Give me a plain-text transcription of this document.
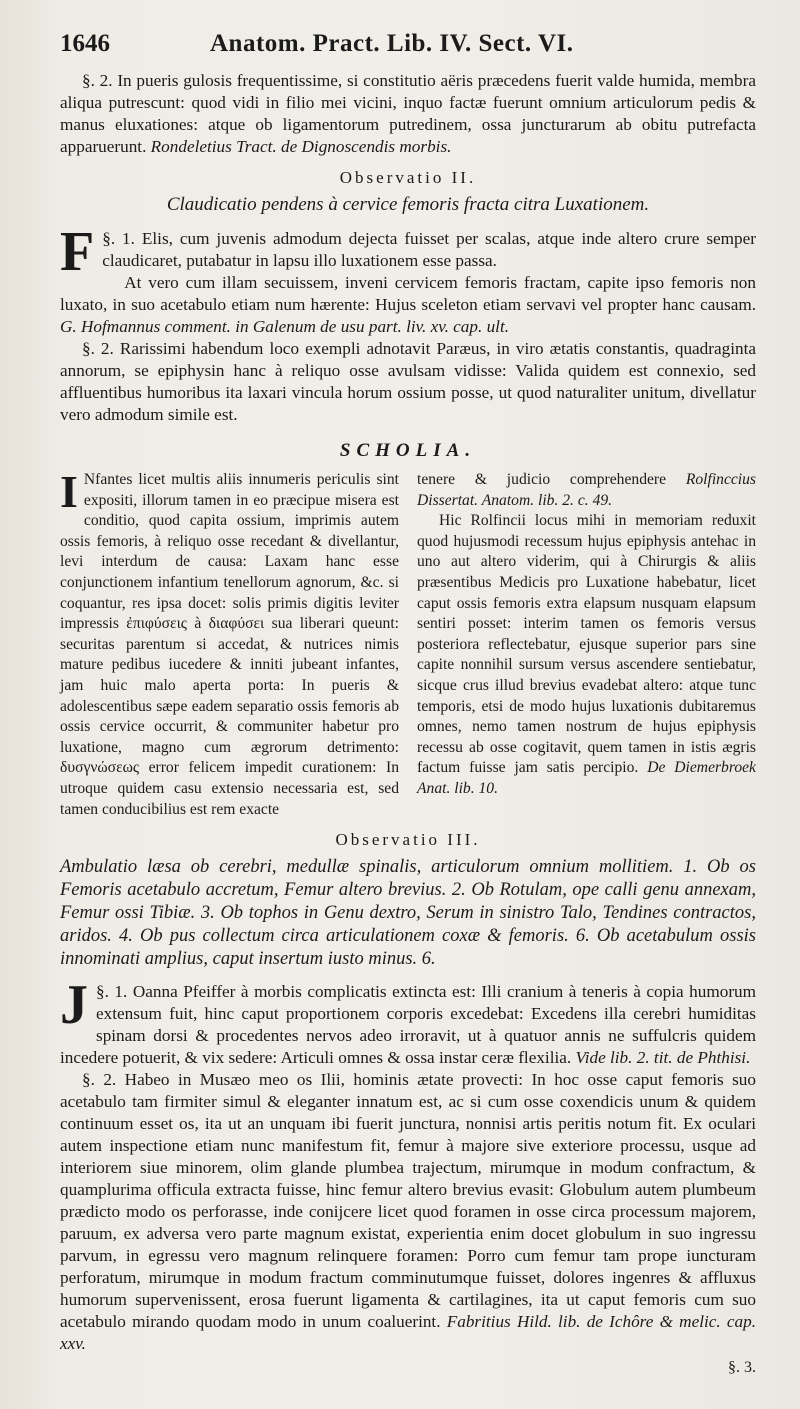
1646	Anatom. Pract. Lib. IV. Sect. VI.

§. 2. In pueris gulosis frequentissime, si constitutio aëris præcedens fuerit valde humida, membra aliqua putrescunt: quod vidi in filio mei vicini, inquo factæ fuerunt omnium articulorum pedis & manus eluxationes: atque ob ligamentorum putredinem, ossa juncturarum ab obitu putrefacta apparuerunt. Rondeletius Tract. de Dignoscendis morbis.

Observatio II.
Claudicatio pendens à cervice femoris fracta citra Luxationem.

§. 1.
F	Elis, cum juvenis admodum dejecta fuisset per scalas, atque inde altero crure semper claudicaret, putabatur in lapsu illo luxationem esse passa.

At vero cum illam secuissem, inveni cervicem femoris fractam, capite ipso femoris non luxato, in suo acetabulo etiam num hærente: Hujus sceleton etiam servavi vel propter hanc causam. G. Hofmannus comment. in Galenum de usu part. liv. xv. cap. ult.

§. 2. Rarissimi habendum loco exempli adnotavit Paræus, in viro ætatis constantis, quadraginta annorum, se epiphysin hanc à reliquo osse avulsam vidisse: Valida quidem est connexio, sed affluentibus humoribus ita laxari vincula horum ossium posse, ut quod naturaliter unitum, divellatur vero admodum simile est.

SCHOLIA.

I Nfantes licet multis aliis innumeris periculis sint expositi, illorum tamen in eo præcipue misera est conditio, quod capita ossium, imprimis autem ossis femoris, à reliquo osse recedant & divellantur, levi interdum de causa: Laxam hanc esse conjunctionem infantium tenellorum agnorum, &c. si coquantur, res ipsa docet: solis primis digitis leviter impressis ἐπιφύσεις à διαφύσει sua liberari queunt: securitas parentum si accedat, & nutrices nimis mature pedibus iucedere & inniti jubeant infantes, jam huic malo aperta porta: In pueris & adolescentibus sæpe eadem separatio ossis femoris ab ossis cervice occurrit, & communiter habetur pro luxatione, magno cum ægrorum detrimento: δυσγνώσεως error felicem impedit curationem: In utroque quidem casu extensio necessaria est, sed tamen conducibilius est rem exacte

tenere & judicio comprehendere Rolfinccius Dissertat. Anatom. lib. 2. c. 49.

Hic Rolfincii locus mihi in memoriam reduxit quod hujusmodi recessum hujus epiphysis antehac in uno aut altero viderim, qui à Chirurgis & aliis præsentibus Medicis pro Luxatione habebatur, licet caput ossis femoris extra elapsum nusquam elapsum sentiri posset: interim tamen os femoris versus posteriora reflectebatur, ejusque superior pars sine capite nonnihil sursum versus ascendere sentiebatur, sicque crus illud brevius evadebat altero: atque tunc temporis, etsi de modo hujus luxationis dubitaremus omnes, nemo tamen nostrum de hujus epiphysis recessu ab osse cogitavit, quem tamen in istis ægris factum fuisse jam satis percipio. De Diemerbroek Anat. lib. 10.

Observatio III.
Ambulatio læsa ob cerebri, medullæ spinalis, articulorum omnium mollitiem. 1. Ob os Femoris acetabulo accretum, Femur altero brevius. 2. Ob Rotulam, ope calli genu annexam, Femur ossi Tibiæ. 3. Ob tophos in Genu dextro, Serum in sinistro Talo, Tendines contractos, aridos. 4. Ob pus collectum circa articulationem coxæ & femoris. 6. Ob acetabulum ossis innominati amplius, caput insertum iusto minus. 6.

§. 1.
J	Oanna Pfeiffer à morbis complicatis extincta est: Illi cranium à teneris à copia humorum extensum fuit, hinc caput proportionem corporis excedebat: Excedens illa cerebri humiditas spinam dorsi & procedentes nervos adeo irroravit, ut à quatuor annis ne suffulcris quidem incedere potuerit, & vix sedere: Articuli omnes & ossa instar ceræ flexilia. Vide lib. 2. tit. de Phthisi.

§. 2. Habeo in Musæo meo os Ilii, hominis ætate provecti: In hoc osse caput femoris suo acetabulo tam firmiter simul & eleganter innatum est, ac si cum osse coxendicis unum & quidem continuum esset os, ita ut an unquam ibi fuerit junctura, nonnisi artis peritis notum fit. Ex oculari autem inspectione etiam nunc manifestum fit, femur à majore sive exteriore processu, usque ad interiorem siue minorem, olim glande plumbea trajectum, mirumque in modum confractum, & quamplurima officula extracta fuisse, hinc femur altero brevius evasit: Globulum autem plumbeum prædicto modo os perforasse, inde conijcere licet quod foramen in osse circa processum majorem, paruum, ex adversa vero parte magnum existat, experientia enim docet globulum in suo ingressu parvum, in egressu vero magnum relinquere foramen: Porro cum femur tam prope iuncturam perforatum, mirumque in modum fractum comminutumque fuisset, dolores ingenres & affluxus humorum supervenissent, erosa fuerunt ligamenta & cartilagines, ita ut caput femoris cum suo acetabulo mirando quodam modo in unum coaluerint. Fabritius Hild. lib. de Ichôre & melic. cap. xxv.

§. 3.
